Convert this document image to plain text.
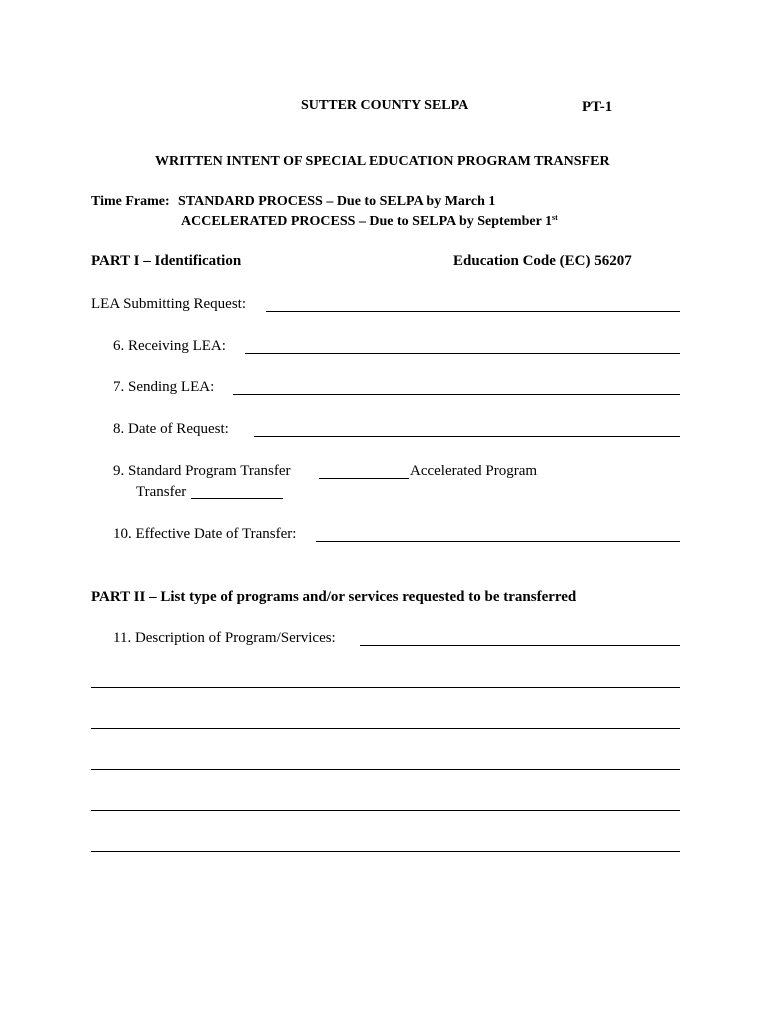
SUTTER COUNTY SELPA	PT-1
WRITTEN INTENT OF SPECIAL EDUCATION PROGRAM TRANSFER
Time Frame: STANDARD PROCESS – Due to SELPA by March 1
ACCELERATED PROCESS – Due to SELPA by September 1st
PART I – Identification	Education Code (EC) 56207
LEA Submitting Request:
6. Receiving LEA:
7. Sending LEA:
8. Date of Request:
9. Standard Program Transfer	Accelerated Program
Transfer
10. Effective Date of Transfer:
PART II – List type of programs and/or services requested to be transferred
11. Description of Program/Services:
